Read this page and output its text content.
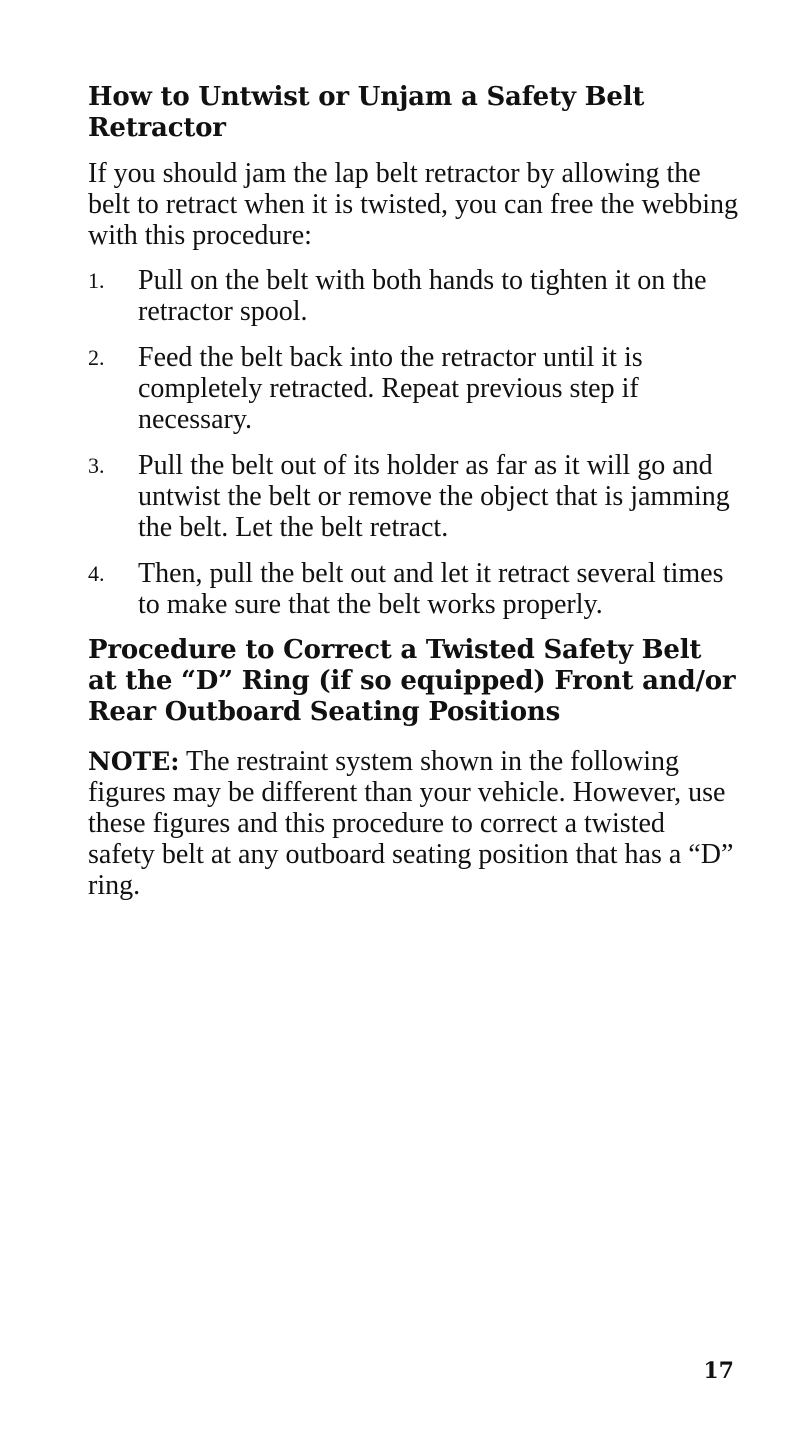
How to Untwist or Unjam a Safety Belt Retractor

If you should jam the lap belt retractor by allowing the belt to retract when it is twisted, you can free the webbing with this procedure:

1. Pull on the belt with both hands to tighten it on the retractor spool.
2. Feed the belt back into the retractor until it is completely retracted. Repeat previous step if necessary.
3. Pull the belt out of its holder as far as it will go and untwist the belt or remove the object that is jamming the belt. Let the belt retract.
4. Then, pull the belt out and let it retract several times to make sure that the belt works properly.
Procedure to Correct a Twisted Safety Belt at the “D” Ring (if so equipped) Front and/or Rear Outboard Seating Positions

NOTE: The restraint system shown in the following figures may be different than your vehicle. However, use these figures and this procedure to correct a twisted safety belt at any outboard seating position that has a “D” ring.

17
